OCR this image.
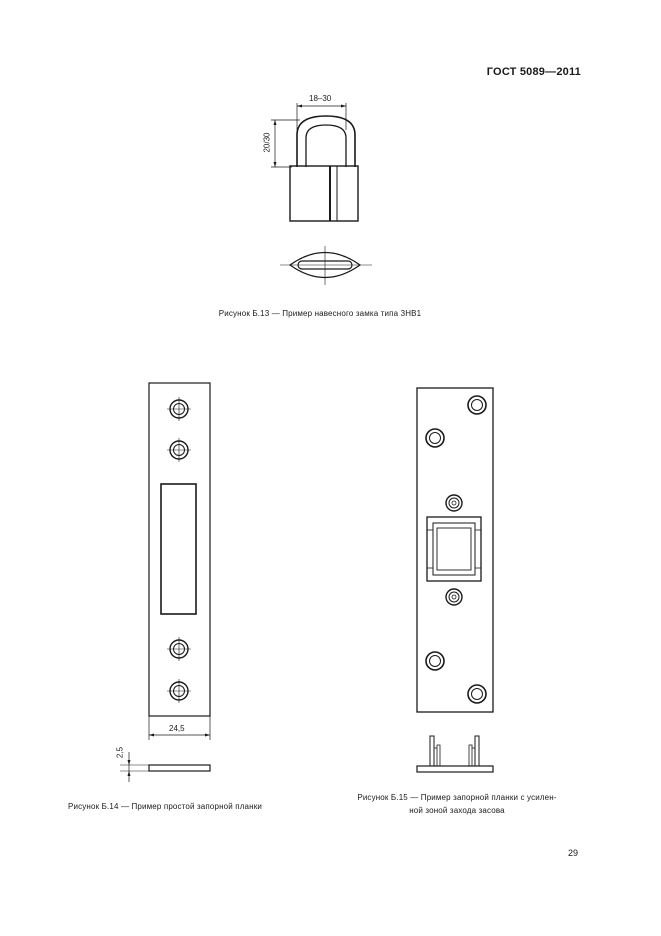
ГОСТ 5089—2011
18–30
20/30
Рисунок Б.13 — Пример навесного замка типа 3НВ1
24,5
2,5
Рисунок Б.14 — Пример простой запорной планки
Рисунок Б.15 — Пример запорной планки с усилен-
ной зоной захода засова
29
